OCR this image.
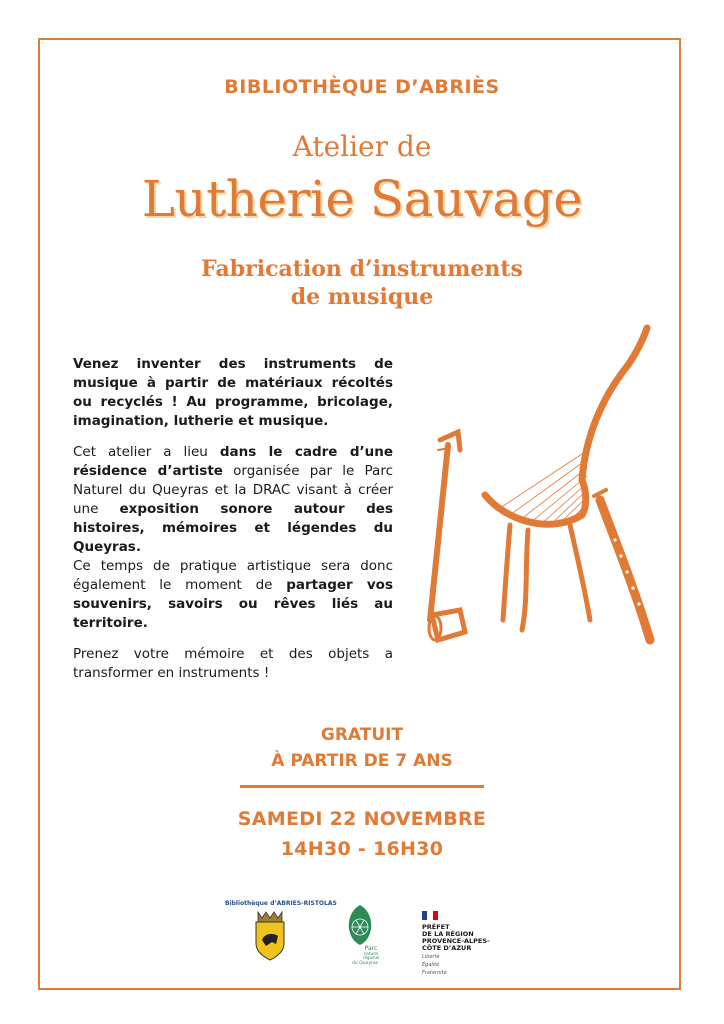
BIBLIOTHÈQUE D’ABRIÈS
Atelier de
Lutherie Sauvage
Fabrication d’instruments
de musique

Venez inventer des instruments de musique à partir de matériaux récoltés ou recyclés ! Au programme, bricolage, imagination, lutherie et musique.

Cet atelier a lieu dans le cadre d’une résidence d’artiste organisée par le Parc Naturel du Queyras et la DRAC visant à créer une exposition sonore autour des histoires, mémoires et légendes du Queyras.
Ce temps de pratique artistique sera donc également le moment de partager vos souvenirs, savoirs ou rêves liés au territoire.

Prenez votre mémoire et des objets a transformer en instruments !

GRATUIT
À PARTIR DE 7 ANS
SAMEDI 22 NOVEMBRE
14H30 - 16H30
Bibliothèque d’ABRIES-RISTOLAS
Parc
naturel
régional
du Queyras
PRÉFET
DE LA RÉGION
PROVENCE-ALPES-
CÔTE D’AZUR
Liberté
Égalité
Fraternité
